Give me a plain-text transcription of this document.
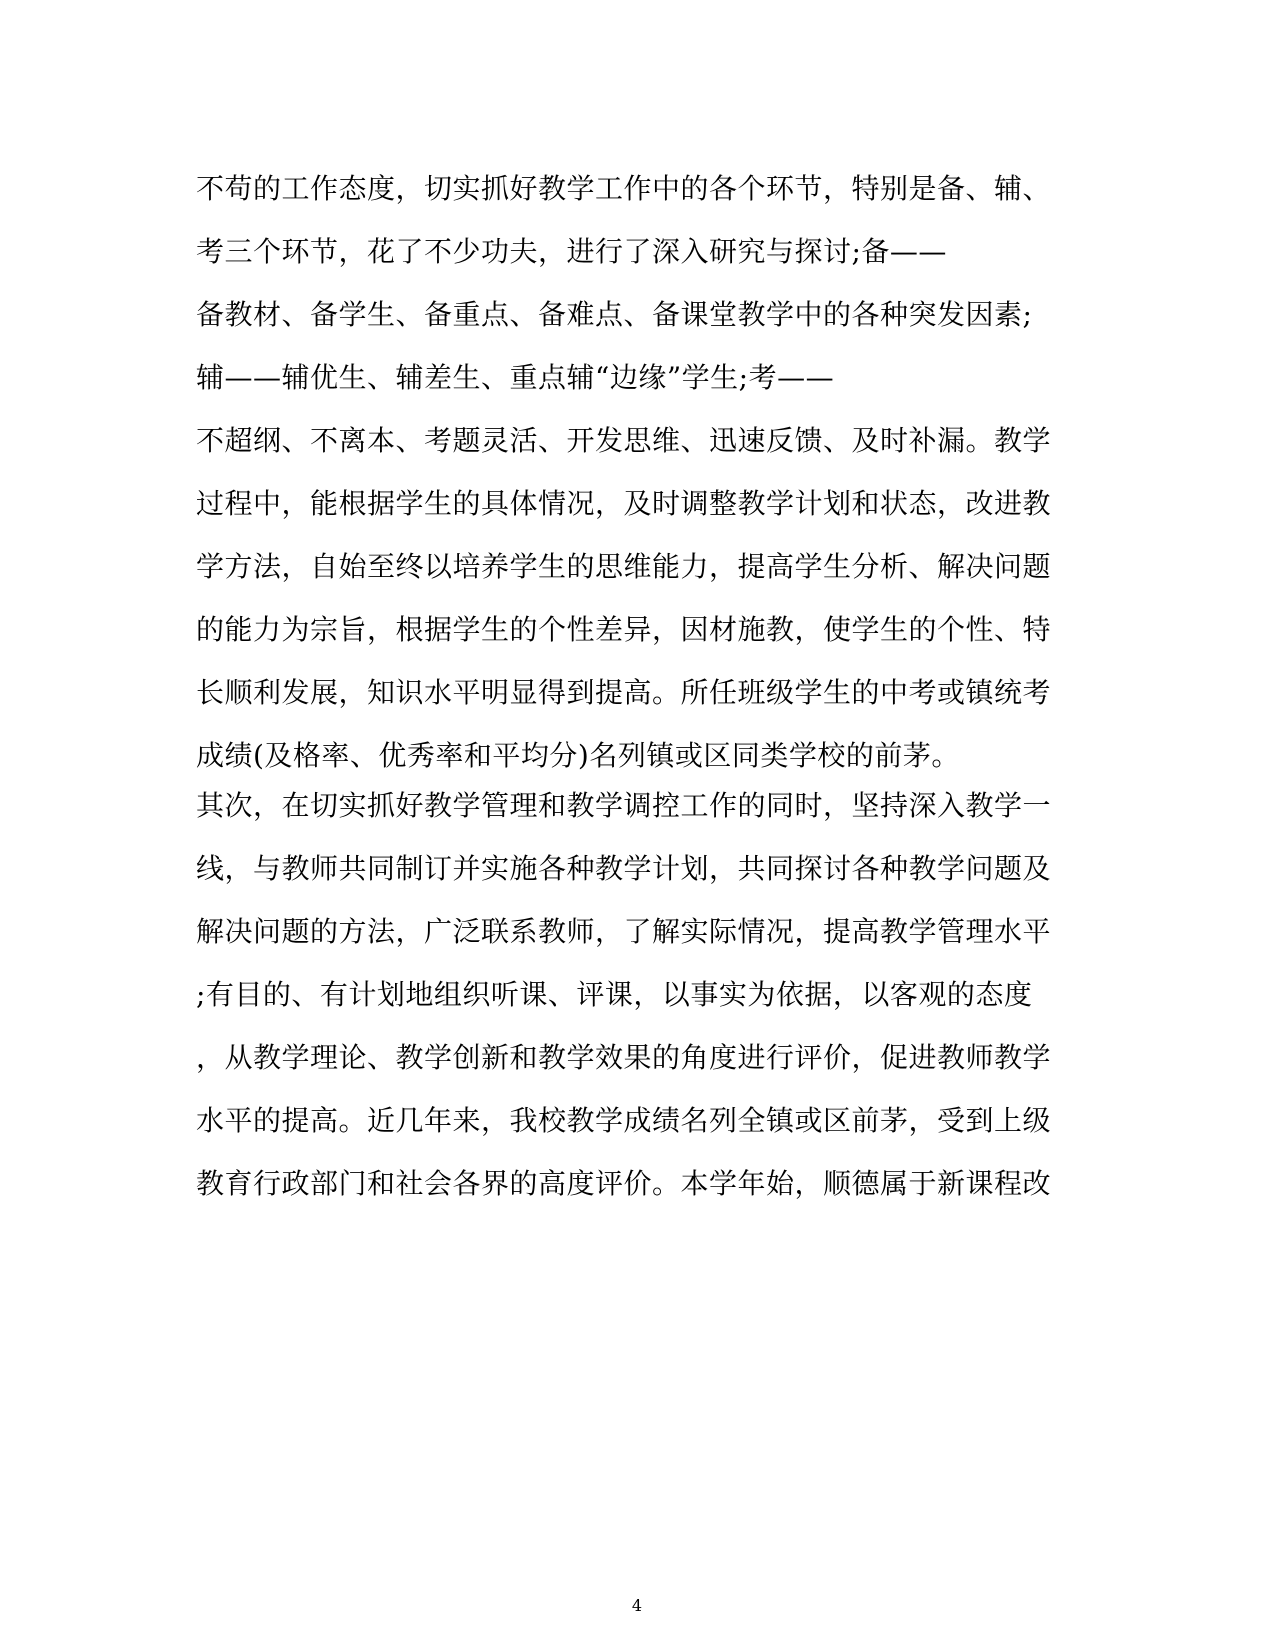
不苟的工作态度，切实抓好教学工作中的各个环节，特别是备、辅、
考三个环节，花了不少功夫，进行了深入研究与探讨;备——
备教材、备学生、备重点、备难点、备课堂教学中的各种突发因素;
辅——辅优生、辅差生、重点辅“边缘”学生;考——
不超纲、不离本、考题灵活、开发思维、迅速反馈、及时补漏。教学
过程中，能根据学生的具体情况，及时调整教学计划和状态，改进教
学方法，自始至终以培养学生的思维能力，提高学生分析、解决问题
的能力为宗旨，根据学生的个性差异，因材施教，使学生的个性、特
长顺利发展，知识水平明显得到提高。所任班级学生的中考或镇统考
成绩(及格率、优秀率和平均分)名列镇或区同类学校的前茅。
其次，在切实抓好教学管理和教学调控工作的同时，坚持深入教学一
线，与教师共同制订并实施各种教学计划，共同探讨各种教学问题及
解决问题的方法，广泛联系教师，了解实际情况，提高教学管理水平
;有目的、有计划地组织听课、评课，以事实为依据，以客观的态度
，从教学理论、教学创新和教学效果的角度进行评价，促进教师教学
水平的提高。近几年来，我校教学成绩名列全镇或区前茅，受到上级
教育行政部门和社会各界的高度评价。本学年始，顺德属于新课程改
4
